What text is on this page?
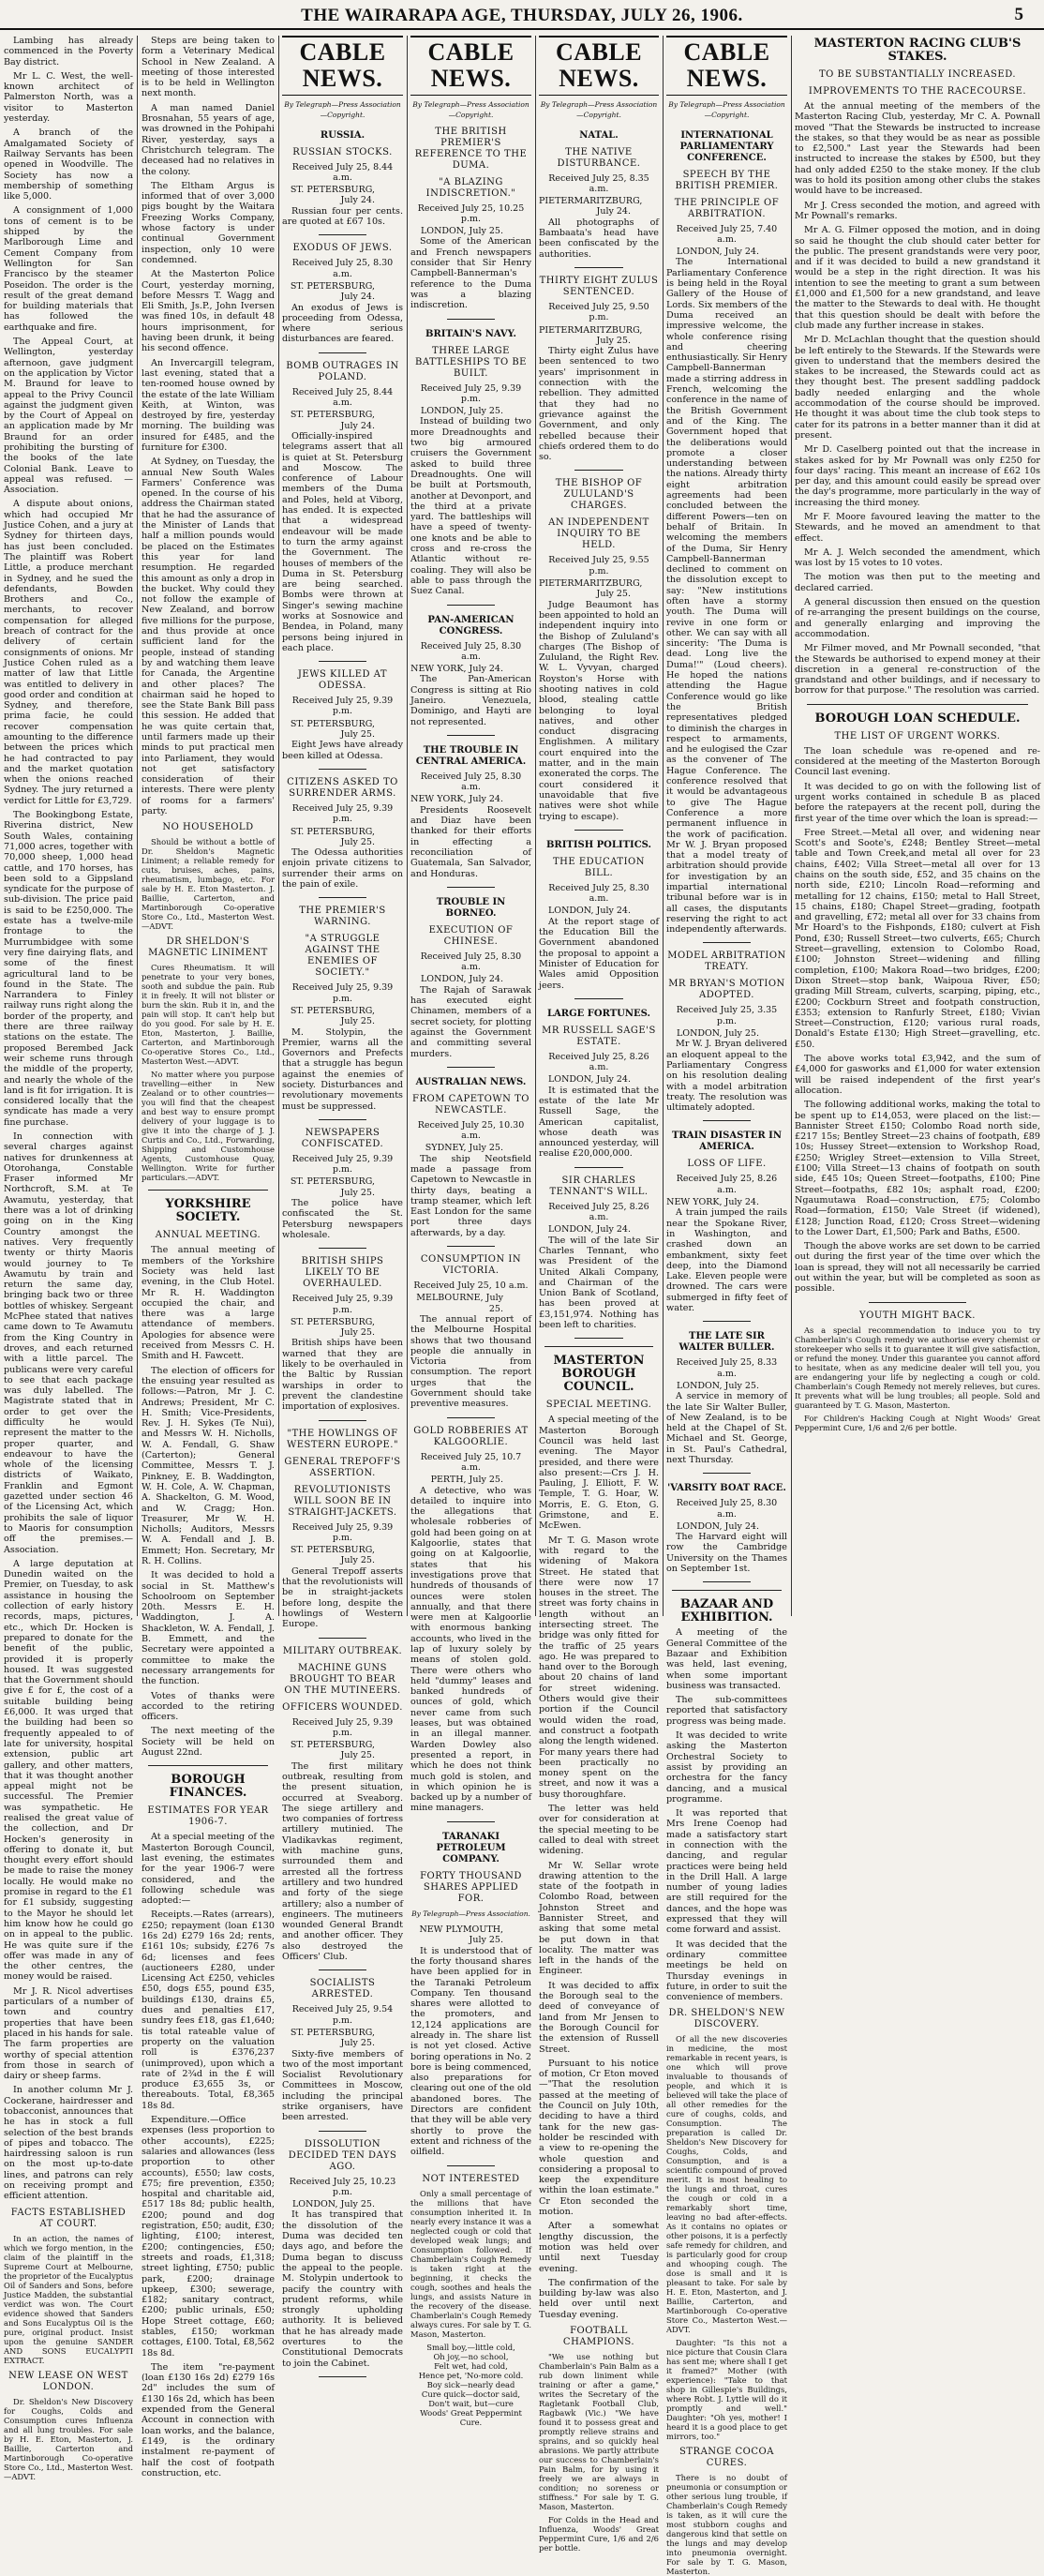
THE WAIRARAPA AGE, THURSDAY, JULY 26, 1906.	5

Lambing has already commenced in the Poverty Bay district.

Mr L. C. West, the well-known architect of Palmerston North, was a visitor to Masterton yesterday.

A branch of the Amalgamated Society of Railway Servants has been opened in Woodville. The Society has now a membership of something like 5,000.

A consignment of 1,000 tons of cement is to be shipped by the Marlborough Lime and Cement Company from Wellington for San Francisco by the steamer Poseidon. The order is the result of the great demand for building materials that has followed the earthquake and fire.

The Appeal Court, at Wellington, yesterday afternoon, gave judgment on the application by Victor M. Braund for leave to appeal to the Privy Council against the judgment given by the Court of Appeal on an application made by Mr Braund for an order prohibiting the bursting of the books of the late Colonial Bank. Leave to appeal was refused. —Association.

A dispute about onions, which had occupied Mr Justice Cohen, and a jury at Sydney for thirteen days, has just been concluded. The plaintiff was Robert Little, a produce merchant in Sydney, and he sued the defendants, Bowden Brothers and Co., merchants, to recover compensation for alleged breach of contract for the delivery of certain consignments of onions. Mr Justice Cohen ruled as a matter of law that Little was entitled to delivery in good order and condition at Sydney, and therefore, prima facie, he could recover compensation amounting to the difference between the prices which he had contracted to pay and the market quotation when the onions reached Sydney. The jury returned a verdict for Little for £3,729.

The Bookingbong Estate, Riverina district, New South Wales, containing 71,000 acres, together with 70,000 sheep, 1,000 head cattle, and 170 horses, has been sold to a Gippsland syndicate for the purpose of sub-division. The price paid is said to be £250,000. The estate has a twelve-mile frontage to the Murrumbidgee with some very fine dairying flats, and some of the finest agricultural land to be found in the State. The Narrandera to Finley railway runs right along the border of the property, and there are three railway stations on the estate. The proposed Berembed Jack weir scheme runs through the middle of the property, and nearly the whole of the land is fit for irrigation. It is considered locally that the syndicate has made a very fine purchase.

In connection with several charges against natives for drunkenness at Otorohanga, Constable Fraser informed Mr Northcroft, S.M. at Te Awamutu, yesterday, that there was a lot of drinking going on in the King Country amongst the natives. Very frequently twenty or thirty Maoris would journey to Te Awamutu by train and return the same day, bringing back two or three bottles of whiskey. Sergeant McPhee stated that natives came down to Te Awamutu from the King Country in droves, and each returned with a little parcel. The publicans were very careful to see that each package was duly labelled. The Magistrate stated that in order to get over the difficulty he would represent the matter to the proper quarter, and endeavour to have the whole of the licensing districts of Waikato, Franklin and Egmont gazetted under section 46 of the Licensing Act, which prohibits the sale of liquor to Maoris for consumption off the premises.—Association.

A large deputation at Dunedin waited on the Premier, on Tuesday, to ask assistance in housing the collection of early history records, maps, pictures, etc., which Dr. Hocken is prepared to donate for the benefit of the public, provided it is properly housed. It was suggested that the Government should give £ for £, the cost of a suitable building being £6,000. It was urged that the building had been so frequently appealed to of late for university, hospital extension, public art gallery, and other matters, that it was thought another appeal might not be successful. The Premier was sympathetic. He realised the great value of the collection, and Dr Hocken's generosity in offering to donate it, but thought every effort should be made to raise the money locally. He would make no promise in regard to the £1 for £1 subsidy, suggesting to the Mayor he should let him know how he could go on in appeal to the public. He was quite sure if the offer was made in any of the other centres, the money would be raised.

Mr J. R. Nicol advertises particulars of a number of town and country properties that have been placed in his hands for sale. The farm properties are worthy of special attention from those in search of dairy or sheep farms.

In another column Mr J. Cockerane, hairdresser and tobacconist, announces that he has in stock a full selection of the best brands of pipes and tobacco. The hairdressing saloon is run on the most up-to-date lines, and patrons can rely on receiving prompt and efficient attention.

FACTS ESTABLISHED AT COURT.

In an action, the names of which we forgo mention, in the claim of the plaintiff in the Supreme Court at Melbourne, the proprietor of the Eucalyptus Oil of Sanders and Sons, before Justice Madden, the substantial verdict was won. The Court evidence showed that Sanders and Sons Eucalyptus Oil is the pure, original product. Insist upon the genuine SANDER AND SONS EUCALYPTI EXTRACT.

NEW LEASE ON WEST LONDON.

Dr. Sheldon's New Discovery for Coughs, Colds and Consumption cures Influenza and all lung troubles. For sale by H. E. Eton, Masterton, J. Baillie, Carterton and Martinborough Co-operative Store Co., Ltd., Masterton West.—ADVT.

Steps are being taken to form a Veterinary Medical School in New Zealand. A meeting of those interested is to be held in Wellington next month.

A man named Daniel Brosnahan, 55 years of age, was drowned in the Pohipahi River, yesterday, says a Christchurch telegram. The deceased had no relatives in the colony.

The Eltham Argus is informed that of over 3,000 pigs bought by the Waitara Freezing Works Company, whose factory is under continual Government inspection, only 10 were condemned.

At the Masterton Police Court, yesterday morning, before Messrs T. Wagg and Eli Smith, Js.P., John Iversen was fined 10s, in default 48 hours imprisonment, for having been drunk, it being his second offence.

An Invercargill telegram, last evening, stated that a ten-roomed house owned by the estate of the late William Keith, at Winton, was destroyed by fire, yesterday morning. The building was insured for £485, and the furniture for £300.

At Sydney, on Tuesday, the annual New South Wales Farmers' Conference was opened. In the course of his address the Chairman stated that he had the assurance of the Minister of Lands that half a million pounds would be placed on the Estimates this year for land resumption. He regarded this amount as only a drop in the bucket. Why could they not follow the example of New Zealand, and borrow five millions for the purpose, and thus provide at once sufficient land for the people, instead of standing by and watching them leave for Canada, the Argentine and other places? The chairman said he hoped to see the State Bank Bill pass this session. He added that he was quite certain that, until farmers made up their minds to put practical men into Parliament, they would not get satisfactory consideration of their interests. There were plenty of rooms for a farmers' party.

NO HOUSEHOLD

Should be without a bottle of Dr. Sheldon's Magnetic Liniment; a reliable remedy for cuts, bruises, aches, pains, rheumatism, lumbago, etc. For sale by H. E. Eton Masterton. J. Baillie, Carterton, and Martinborough Co-operative Store Co., Ltd., Masterton West.—ADVT.

DR SHELDON'S MAGNETIC LINIMENT

Cures Rheumatism. It will penetrate to your very bones, sooth and subdue the pain. Rub it in freely. It will not blister or burn the skin. Rub it in, and the pain will stop. It can't help but do you good. For sale by H. E. Eton, Masterton, J. Baillie, Carterton, and Martinborough Co-operative Stores Co., Ltd., Masterton West.—ADVT.

No matter where you purpose travelling—either in New Zealand or to other countries—you will find that the cheapest and best way to ensure prompt delivery of your luggage is to give it into the charge of J. J. Curtis and Co., Ltd., Forwarding, Shipping and Customhouse Agents, Customhouse Quay, Wellington. Write for further particulars.—ADVT.

YORKSHIRE SOCIETY.
ANNUAL MEETING.

The annual meeting of members of the Yorkshire Society was held last evening, in the Club Hotel. Mr R. H. Waddington occupied the chair, and there was a large attendance of members. Apologies for absence were received from Messrs C. H. Smith and H. Fawcett.

The election of officers for the ensuing year resulted as follows:—Patron, Mr J. C. Andrews; President, Mr C. H. Smith; Vice-Presidents, Rev. J. H. Sykes (Te Nui), and Messrs W. H. Nicholls, W. A. Fendall, G. Shaw (Carterton); General Committee, Messrs T. J. Pinkney, E. B. Waddington, W. H. Cole, A. W. Chapman, A. Shackelton, G. M. Wood, and W. Cragg; Hon. Treasurer, Mr W. H. Nicholls; Auditors, Messrs W. A. Fendall and J. B. Emmett; Hon. Secretary, Mr R. H. Collins.

It was decided to hold a social in St. Matthew's Schoolroom on September 20th. Messrs E. H. Waddington, J. A. Shackleton, W. A. Fendall, J. B. Emmett, and the Secretary were appointed a committee to make the necessary arrangements for the function.

Votes of thanks were accorded to the retiring officers.

The next meeting of the Society will be held on August 22nd.

BOROUGH FINANCES.
ESTIMATES FOR YEAR 1906-7.

At a special meeting of the Masterton Borough Council, last evening, the estimates for the year 1906-7 were considered, and the following schedule was adopted:—

Receipts.—Rates (arrears), £250; repayment (loan £130 16s 2d) £279 16s 2d; rents, £161 10s; subsidy, £276 7s 6d; licenses and fees (auctioneers £280, under Licensing Act £250, vehicles £50, dogs £55, pound £35, buildings £130, drains £5, dues and penalties £17, sundry fees £18, gas £1,640; tis total rateable value of property on the valuation roll is £376,237 (unimproved), upon which a rate of 2¾d in the £ will produce £3,655 3s, or thereabouts. Total, £8,365 18s 8d.

Expenditure.—Office expenses (less proportion to other accounts), £225; salaries and allowances (less proportion to other accounts), £550; law costs, £75; fire prevention, £350; hospital and charitable aid, £517 18s 8d; public health, £200; pound and dog registration, £50; audit, £30; lighting, £100; interest, £200; contingencies, £50; streets and roads, £1,318; street lighting, £750; public park, £200; drainage upkeep, £300; sewerage, £182; sanitary contract, £200; public urinals, £50; Hope Street cottage, £60; stables, £150; workman cottages, £100. Total, £8,562 18s 8d.

The item "re-payment (loan £130 16s 2d) £279 16s 2d" includes the sum of £130 16s 2d, which has been expended from the General Account in connection with loan works, and the balance, £149, is the ordinary instalment re-payment of half the cost of footpath construction, etc.

CABLE NEWS.
By Telegraph—Press Association—Copyright.
RUSSIA.
RUSSIAN STOCKS.
Received July 25, 8.44 a.m.
ST. PETERSBURG, July 24.

Russian four per cents. are quoted at £67 10s.

EXODUS OF JEWS.
Received July 25, 8.30 a.m.
ST. PETERSBURG, July 24.

An exodus of Jews is proceeding from Odessa, where serious disturbances are feared.

BOMB OUTRAGES IN POLAND.
Received July 25, 8.44 a.m.
ST. PETERSBURG, July 24.

Officially-inspired telegrams assert that all is quiet at St. Petersburg and Moscow. The conference of Labour members of the Duma and Poles, held at Viborg, has ended. It is expected that a widespread endeavour will be made to turn the army against the Government. The houses of members of the Duma in St. Petersburg are being searched. Bombs were thrown at Singer's sewing machine works at Sosnowice and Bendea, in Poland, many persons being injured in each place.

JEWS KILLED AT ODESSA.
Received July 25, 9.39 p.m.
ST. PETERSBURG, July 25.

Eight Jews have already been killed at Odessa.

CITIZENS ASKED TO SURRENDER ARMS.
Received July 25, 9.39 p.m.
ST. PETERSBURG, July 25.

The Odessa authorities enjoin private citizens to surrender their arms on the pain of exile.

THE PREMIER'S WARNING.
"A STRUGGLE AGAINST THE ENEMIES OF SOCIETY."
Received July 25, 9.39 p.m.
ST. PETERSBURG, July 25.

M. Stolypin, the Premier, warns all the Governors and Prefects that a struggle has begun against the enemies of society. Disturbances and revolutionary movements must be suppressed.

NEWSPAPERS CONFISCATED.
Received July 25, 9.39 p.m.
ST. PETERSBURG, July 25.

The police have confiscated the St. Petersburg newspapers wholesale.

BRITISH SHIPS LIKELY TO BE OVERHAULED.
Received July 25, 9.39 p.m.
ST. PETERSBURG, July 25.

British ships have been warned that they are likely to be overhauled in the Baltic by Russian warships in order to prevent the clandestine importation of explosives.

"THE HOWLINGS OF WESTERN EUROPE."
GENERAL TREPOFF'S ASSERTION.
REVOLUTIONISTS WILL SOON BE IN STRAIGHT-JACKETS.
Received July 25, 9.39 p.m.
ST. PETERSBURG, July 25.

General Trepoff asserts that the revolutionists will be in straight-jackets before long, despite the howlings of Western Europe.

MILITARY OUTBREAK.
MACHINE GUNS BROUGHT TO BEAR ON THE MUTINEERS.
OFFICERS WOUNDED.
Received July 25, 9.39 p.m.
ST. PETERSBURG, July 25.

The first military outbreak, resulting from the present situation, occurred at Sveaborg. The siege artillery and two companies of fortress artillery mutinied. The Vladikavkas regiment, with machine guns, surrounded them and arrested all the fortress artillery and two hundred and forty of the siege artillery; also a number of engineers. The mutineers wounded General Brandt and another officer. They also destroyed the Officers' Club.

SOCIALISTS ARRESTED.
Received July 25, 9.54 p.m.
ST. PETERSBURG, July 25.

Sixty-five members of two of the most important Socialist Revolutionary Committees in Moscow, including the principal strike organisers, have been arrested.

DISSOLUTION DECIDED TEN DAYS AGO.
Received July 25, 10.23 p.m.
LONDON, July 25.

It has transpired that the dissolution of the Duma was decided ten days ago, and before the Duma began to discuss the appeal to the people. M. Stolypin undertook to pacify the country with prudent reforms, while strongly upholding authority. It is believed that he has already made overtures to the Constitutional Democrats to join the Cabinet.

CABLE NEWS.
By Telegraph—Press Association—Copyright.
THE BRITISH PREMIER'S REFERENCE TO THE DUMA.
"A BLAZING INDISCRETION."
Received July 25, 10.25 p.m.
LONDON, July 25.

Some of the American and French newspapers consider that Sir Henry Campbell-Bannerman's reference to the Duma was a blazing indiscretion.

BRITAIN'S NAVY.
THREE LARGE BATTLESHIPS TO BE BUILT.
Received July 25, 9.39 p.m.
LONDON, July 25.

Instead of building two more Dreadnoughts and two big armoured cruisers the Government asked to build three Dreadnoughts. One will be built at Portsmouth, another at Devonport, and the third at a private yard. The battleships will have a speed of twenty-one knots and be able to cross and re-cross the Atlantic without re-coaling. They will also be able to pass through the Suez Canal.

PAN-AMERICAN CONGRESS.
Received July 25, 8.30 a.m.
NEW YORK, July 24.

The Pan-American Congress is sitting at Rio Janeiro. Venezuela, Dominigo, and Hayti are not represented.

THE TROUBLE IN CENTRAL AMERICA.
Received July 25, 8.30 a.m.
NEW YORK, July 24.

Presidents Roosevelt and Diaz have been thanked for their efforts in effecting a reconciliation of Guatemala, San Salvador, and Honduras.

TROUBLE IN BORNEO.
EXECUTION OF CHINESE.
Received July 25, 8.30 a.m.
LONDON, July 24.

The Rajah of Sarawak has executed eight Chinamen, members of a secret society, for plotting against the Government and committing several murders.

AUSTRALIAN NEWS.
FROM CAPETOWN TO NEWCASTLE.
Received July 25, 10.30 a.m.
SYDNEY, July 25.

The ship Neotsfield made a passage from Capetown to Newcastle in thirty days, beating a tramp steamer, which left East London for the same port three days afterwards, by a day.

CONSUMPTION IN VICTORIA.
Received July 25, 10 a.m.
MELBOURNE, July 25.

The annual report of the Melbourne Hospital shows that two thousand people die annually in Victoria from consumption. The report urges that the Government should take preventive measures.

GOLD ROBBERIES AT KALGOORLIE.
Received July 25, 10.7 a.m.
PERTH, July 25.

A detective, who was detailed to inquire into the allegations that wholesale robberies of gold had been going on at Kalgoorlie, states that going on at Kalgoorlie, states that his investigations prove that hundreds of thousands of ounces were stolen annually, and that there were men at Kalgoorlie with enormous banking accounts, who lived in the lap of luxury solely by means of stolen gold. There were others who held "dummy" leases and banked hundreds of ounces of gold, which never came from such leases, but was obtained in an illegal manner. Warden Dowley also presented a report, in which he does not think much gold is stolen, and in which opinion he is backed up by a number of mine managers.

TARANAKI PETROLEUM COMPANY.
FORTY THOUSAND SHARES APPLIED FOR.
By Telegraph—Press Association.
NEW PLYMOUTH, July 25.

It is understood that of the forty thousand shares have been applied for in the Taranaki Petroleum Company. Ten thousand shares were allotted to the promoters, and 12,124 applications are already in. The share list is not yet closed. Active boring operations in No. 2 bore is being commenced, also preparations for clearing out one of the old abandoned bores. The Directors are confident that they will be able very shortly to prove the extent and richness of the oilfield.

NOT INTERESTED

Only a small percentage of the millions that have consumption inherited it. In nearly every instance it was a neglected cough or cold that developed weak lungs; and Consumption followed. If Chamberlain's Cough Remedy is taken right at the beginning, it checks the cough, soothes and heals the lungs, and assists Nature in the recovery of the disease. Chamberlain's Cough Remedy always cures. For sale by T. G. Mason, Masterton.

Small boy,—little cold,
Oh joy,—no school,
Felt wet, had cold,
Hence pet, 'No-more cold.
Boy sick—nearly dead
Cure quick—doctor said,
Don't wait, but—cure
Woods' Great Peppermint Cure.
CABLE NEWS.
By Telegraph—Press Association—Copyright.
NATAL.
THE NATIVE DISTURBANCE.
Received July 25, 8.35 a.m.
PIETERMARITZBURG, July 24.

All photographs of Bambaata's head have been confiscated by the authorities.

THIRTY EIGHT ZULUS SENTENCED.
Received July 25, 9.50 p.m.
PIETERMARITZBURG, July 25.

Thirty eight Zulus have been sentenced to two years' imprisonment in connection with the rebellion. They admitted that they had no grievance against the Government, and only rebelled because their chiefs ordered them to do so.

THE BISHOP OF ZULULAND'S CHARGES.
AN INDEPENDENT INQUIRY TO BE HELD.
Received July 25, 9.55 p.m.
PIETERMARITZBURG, July 25.

Judge Beaumont has been appointed to hold an independent inquiry into the Bishop of Zululand's charges (The Bishop of Zululand, the Right Rev. W. L. Vyvyan, charged Royston's Horse with shooting natives in cold blood, stealing cattle belonging to loyal natives, and other conduct disgracing Englishmen. A military court enquired into the matter, and in the main exonerated the corps. The court considered it unavoidable that five natives were shot while trying to escape).

BRITISH POLITICS.
THE EDUCATION BILL.
Received July 25, 8.30 a.m.
LONDON, July 24.

At the report stage of the Education Bill the Government abandoned the proposal to appoint a Minister of Education for Wales amid Opposition jeers.

LARGE FORTUNES.
MR RUSSELL SAGE'S ESTATE.
Received July 25, 8.26 a.m.
LONDON, July 24.

It is estimated that the estate of the late Mr Russell Sage, the American capitalist, whose death was announced yesterday, will realise £20,000,000.

SIR CHARLES TENNANT'S WILL.
Received July 25, 8.26 a.m.
LONDON, July 24.

The will of the late Sir Charles Tennant, who was President of the United Alkali Company, and Chairman of the Union Bank of Scotland, has been proved at £3,151,974. Nothing has been left to charities.

MASTERTON BOROUGH COUNCIL.
SPECIAL MEETING.

A special meeting of the Masterton Borough Council was held last evening. The Mayor presided, and there were also present:—Crs J. H. Pauling, J. Elliott, F. W. Temple, T. G. Hoar, W. Morris, E. G. Eton, G. Grimstone, and E. McEwen.

Mr T. G. Mason wrote with regard to the widening of Makora Street. He stated that there were now 17 houses in the street. The street was forty chains in length without an intersecting street. The bridge was only fitted for the traffic of 25 years ago. He was prepared to hand over to the Borough about 20 chains of land for street widening. Others would give their portion if the Council would widen the road, and construct a footpath along the length widened. For many years there had been practically no money spent on the street, and now it was a busy thoroughfare.

The letter was held over for consideration at the special meeting to be called to deal with street widening.

Mr W. Sellar wrote drawing attention to the state of the footpath in Colombo Road, between Johnston Street and Bannister Street, and asking that some metal be put down in that locality. The matter was left in the hands of the Engineer.

It was decided to affix the Borough seal to the deed of conveyance of land from Mr Jensen to the Borough Council for the extension of Russell Street.

Pursuant to his notice of motion, Cr Eton moved—"That the resolution passed at the meeting of the Council on July 10th, deciding to have a third tank for the new gas-holder be rescinded with a view to re-opening the whole question and considering a proposal to keep the expenditure within the loan estimate." Cr Eton seconded the motion.

After a somewhat lengthy discussion, the motion was held over until next Tuesday evening.

The confirmation of the building by-law was also held over until next Tuesday evening.

FOOTBALL CHAMPIONS.

"We use nothing but Chamberlain's Pain Balm as a rub down liniment while training or after a game," writes the Secretary of the Ragletank Football Club, Ragbawk (Vic.) "We have found it to possess great and promptly relieve strains and sprains, and so quickly heal abrasions. We partly attribute our success to Chamberlain's Pain Balm, for by using it freely we are always in condition; no soreness or stiffness." For sale by T. G. Mason, Masterton.

For Colds in the Head and Influenza, Woods' Great Peppermint Cure, 1/6 and 2/6 per bottle.

CABLE NEWS.
By Telegraph—Press Association—Copyright.
INTERNATIONAL PARLIAMENTARY CONFERENCE.
SPEECH BY THE BRITISH PREMIER.
THE PRINCIPLE OF ARBITRATION.
Received July 25, 7.40 a.m.
LONDON, July 24.

The International Parliamentary Conference is being held in the Royal Gallery of the House of Lords. Six members of the Duma received an impressive welcome, the whole conference rising and cheering enthusiastically. Sir Henry Campbell-Bannerman made a stirring address in French, welcoming the conference in the name of the British Government and of the King. The Government hoped that the deliberations would promote a closer understanding between the nations. Already thirty eight arbitration agreements had been concluded between the different Powers—ten on behalf of Britain. In welcoming the members of the Duma, Sir Henry Campbell-Bannerman declined to comment on the dissolution except to say: "New institutions often have a stormy youth. The Duma will revive in one form or other. We can say with all sincerity: 'The Duma is dead. Long live the Duma!'" (Loud cheers). He hoped the nations attending the Hague Conference would go like the British representatives pledged to diminish the charges in respect to armaments, and he eulogised the Czar as the convener of The Hague Conference. The conference resolved that it would be advantageous to give The Hague Conference a more permanent influence in the work of pacification. Mr W. J. Bryan proposed that a model treaty of arbitration should provide for investigation by an impartial international tribunal before war is in all cases, the disputants reserving the right to act independently afterwards.

MODEL ARBITRATION TREATY.
MR BRYAN'S MOTION ADOPTED.
Received July 25, 3.35 p.m.
LONDON, July 25.

Mr W. J. Bryan delivered an eloquent appeal to the Parliamentary Congress on his resolution dealing with a model arbitration treaty. The resolution was ultimately adopted.

TRAIN DISASTER IN AMERICA.
LOSS OF LIFE.
Received July 25, 8.26 a.m.
NEW YORK, July 24.

A train jumped the rails near the Spokane River, in Washington, and crashed down an embankment, sixty feet deep, into the Diamond Lake. Eleven people were drowned. The cars were submerged in fifty feet of water.

THE LATE SIR WALTER BULLER.
Received July 25, 8.33 a.m.
LONDON, July 25.

A service in memory of the late Sir Walter Buller, of New Zealand, is to be held at the Chapel of St. Michael and St. George, in St. Paul's Cathedral, next Thursday.

'VARSITY BOAT RACE.
Received July 25, 8.30 a.m.
LONDON, July 24.

The Harvard eight will row the Cambridge University on the Thames on September 1st.

BAZAAR AND EXHIBITION.

A meeting of the General Committee of the Bazaar and Exhibition was held, last evening, when some important business was transacted.

The sub-committees reported that satisfactory progress was being made.

It was decided to write asking the Masterton Orchestral Society to assist by providing an orchestra for the fancy dancing, and a musical programme.

It was reported that Mrs Irene Coenop had made a satisfactory start in connection with the dancing, and regular practices were being held in the Drill Hall. A large number of young ladies are still required for the dances, and the hope was expressed that they will come forward and assist.

It was decided that the ordinary committee meetings be held on Thursday evenings in future, in order to suit the convenience of members.

DR. SHELDON'S NEW DISCOVERY.

Of all the new discoveries in medicine, the most remarkable in recent years, is one which will prove invaluable to thousands of people, and which it is believed will take the place of all other remedies for the cure of coughs, colds, and Consumption. The preparation is called Dr. Sheldon's New Discovery for Coughs, Colds, and Consumption, and is a scientific compound of proved merit. It is most healing to the lungs and throat, cures the cough or cold in a remarkably short time, leaving no bad after-effects. As it contains no opiates or other poisons, it is a perfectly safe remedy for children, and is particularly good for croup and whooping cough. The dose is small and it is pleasant to take. For sale by H. E. Eton, Masterton, and J. Baillie, Carterton, and Martinborough Co-operative Store Co., Masterton West.—ADVT.

Daughter: "Is this not a nice picture that Cousin Clara has sent me; where shall I get it framed?" Mother (with experience): "Take to that shop in Gillespie's Buildings, where Robt. J. Lyttle will do it promptly and well." Daughter: "Oh yes, mother! I heard it is a good place to get mirrors, too."

STRANGE COCOA CURES.

There is no doubt of pneumonia or consumption or other serious lung trouble, if Chamberlain's Cough Remedy is taken, as it will cure the most stubborn coughs and dangerous kind that settle on the lungs and may develop into pneumonia overnight. For sale by T. G. Mason, Masterton.

MASTERTON RACING CLUB'S STAKES.
TO BE SUBSTANTIALLY INCREASED.
IMPROVEMENTS TO THE RACECOURSE.

At the annual meeting of the members of the Masterton Racing Club, yesterday, Mr C. A. Pownall moved "That the Stewards be instructed to increase the stakes, so that they would be as near as possible to £2,500." Last year the Stewards had been instructed to increase the stakes by £500, but they had only added £250 to the stake money. If the club was to hold its position among other clubs the stakes would have to be increased.

Mr J. Cress seconded the motion, and agreed with Mr Pownall's remarks.

Mr A. G. Filmer opposed the motion, and in doing so said he thought the club should cater better for the public. The present grandstands were very poor, and if it was decided to build a new grandstand it would be a step in the right direction. It was his intention to see the meeting to grant a sum between £1,000 and £1,500 for a new grandstand, and leave the matter to the Stewards to deal with. He thought that this question should be dealt with before the club made any further increase in stakes.

Mr D. McLachlan thought that the question should be left entirely to the Stewards. If the Stewards were given to understand that the members desired the stakes to be increased, the Stewards could act as they thought best. The present saddling paddock badly needed enlarging and the whole accommodation of the course should be improved. He thought it was about time the club took steps to cater for its patrons in a better manner than it did at present.

Mr D. Caselberg pointed out that the increase in stakes asked for by Mr Pownall was only £250 for four days' racing. This meant an increase of £62 10s per day, and this amount could easily be spread over the day's programme, more particularly in the way of increasing the third money.

Mr F. Moore favoured leaving the matter to the Stewards, and he moved an amendment to that effect.

Mr A. J. Welch seconded the amendment, which was lost by 15 votes to 10 votes.

The motion was then put to the meeting and declared carried.

A general discussion then ensued on the question of re-arranging the present buildings on the course, and generally enlarging and improving the accommodation.

Mr Filmer moved, and Mr Pownall seconded, "that the Stewards be authorised to expend money at their discretion in a general re-construction of the grandstand and other buildings, and if necessary to borrow for that purpose." The resolution was carried.

BOROUGH LOAN SCHEDULE.
THE LIST OF URGENT WORKS.

The loan schedule was re-opened and re-considered at the meeting of the Masterton Borough Council last evening.

It was decided to go on with the following list of urgent works contained in schedule B as placed before the ratepayers at the recent poll, during the first year of the time over which the loan is spread:—

Free Street.—Metal all over, and widening near Scott's and Soote's, £248; Bentley Street—metal table and Town Creek,and metal all over for 23 chains, £402; Villa Street—metal all over for 13 chains on the south side, £52, and 35 chains on the north side, £210; Lincoln Road—reforming and metalling for 12 chains, £150; metal to Hall Street, 15 chains, £180; Chapel Street—grading, footpath and gravelling, £72; metal all over for 33 chains from Mr Hoard's to the Fishponds, £180; culvert at Fish Pond, £30; Russell Street—two culverts, £65; Church Street—gravelling, extension to Colombo Road, £100; Johnston Street—widening and filling completion, £100; Makora Road—two bridges, £200; Dixon Street—stop bank, Waipoua River, £50; grading Mill Stream, culverts, scarping, piping, etc., £200; Cockburn Street and footpath construction, £353; extension to Ranfurly Street, £180; Vivian Street—Construction, £120; various rural roads, Donald's Estate £130; High Street—gravelling, etc. £50.

The above works total £3,942, and the sum of £4,000 for gasworks and £1,000 for water extension will be raised independent of the first year's allocation.

The following additional works, making the total to be spent up to £14,053, were placed on the list:—Bannister Street £150; Colombo Road north side, £217 15s; Bentley Street—23 chains of footpath, £89 10s; Hussey Street—extension to Workshop Road, £250; Wrigley Street—extension to Villa Street, £100; Villa Street—13 chains of footpath on south side, £45 10s; Queen Street—footpaths, £100; Pine Street—footpaths, £82 10s; asphalt road, £200; Ngaumutawa Road—construction, £75; Colombo Road—formation, £150; Vale Street (if widened), £128; Junction Road, £120; Cross Street—widening to the Lower Dart, £1,500; Park and Baths, £500.

Though the above works are set down to be carried out during the first year of the time over which the loan is spread, they will not all necessarily be carried out within the year, but will be completed as soon as possible.

YOUTH MIGHT BACK.

As a special recommendation to induce you to try Chamberlain's Cough remedy we authorise every chemist or storekeeper who sells it to guarantee it will give satisfaction, or refund the money. Under this guarantee you cannot afford to hesitate, when as any medicine dealer will tell you, you are endangering your life by neglecting a cough or cold. Chamberlain's Cough Remedy not merely relieves, but cures. It prevents what will be lung troubles; all people. Sold and guaranteed by T. G. Mason, Masterton.

For Children's Hacking Cough at Night Woods' Great Peppermint Cure, 1/6 and 2/6 per bottle.
